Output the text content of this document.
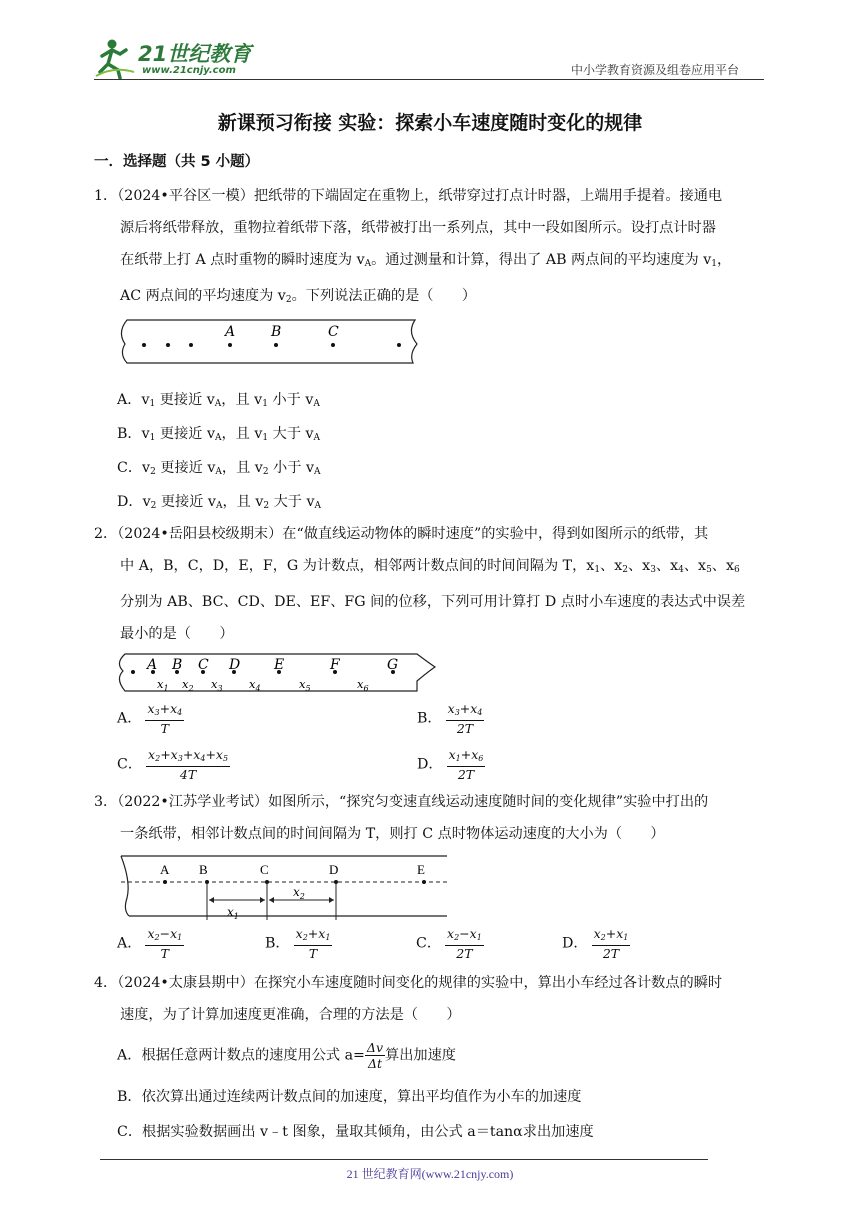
21世纪教育
www.21cnjy.com	中小学教育资源及组卷应用平台
新课预习衔接 实验：探索小车速度随时变化的规律
一．选择题（共 5 小题）
1．（2024•平谷区一模）把纸带的下端固定在重物上，纸带穿过打点计时器，上端用手提着。接通电
源后将纸带释放，重物拉着纸带下落，纸带被打出一系列点，其中一段如图所示。设打点计时器
在纸带上打 A 点时重物的瞬时速度为 $v_A$。通过测量和计算，得出了 AB 两点间的平均速度为 $v_1$，
AC 两点间的平均速度为 $v_2$。下列说法正确的是（　　）
A	B	C
A．$v_1$ 更接近 $v_A$，且 $v_1$ 小于 $v_A$
B．$v_1$ 更接近 $v_A$，且 $v_1$ 大于 $v_A$
C．$v_2$ 更接近 $v_A$，且 $v_2$ 小于 $v_A$
D．$v_2$ 更接近 $v_A$，且 $v_2$ 大于 $v_A$
2．（2024•岳阳县校级期末）在“做直线运动物体的瞬时速度”的实验中，得到如图所示的纸带，其
中 A，B，C，D，E，F，G 为计数点，相邻两计数点间的时间间隔为 T，$x_1$、$x_2$、$x_3$、$x_4$、$x_5$、$x_6$
分别为 AB、BC、CD、DE、EF、FG 间的位移，下列可用计算打 D 点时小车速度的表达式中误差
最小的是（　　）
A B C D E	F	G
$x_1$ $x_2$ $x_3$ $x_4$	$x_5$	$x_6$
A． $\frac{x_3+x_4}{T}$	B． $\frac{x_3+x_4}{2T}$
C． $\frac{x_2+x_3+x_4+x_5}{4T}$	D． $\frac{x_1+x_6}{2T}$
3．（2022•江苏学业考试）如图所示，“探究匀变速直线运动速度随时间的变化规律”实验中打出的
一条纸带，相邻计数点间的时间间隔为 T，则打 C 点时物体运动速度的大小为（　　）
A B	C	D	E
$x_1$
$x_2$
A． $\frac{x_2-x_1}{T}$	B． $\frac{x_2+x_1}{T}$	C． $\frac{x_2-x_1}{2T}$	D． $\frac{x_2+x_1}{2T}$
4．（2024•太康县期中）在探究小车速度随时间变化的规律的实验中，算出小车经过各计数点的瞬时
速度，为了计算加速度更准确，合理的方法是（　　）
A．根据任意两计数点的速度用公式 $a= \frac{\Delta v}{\Delta t}$ 算出加速度
B．依次算出通过连续两计数点间的加速度，算出平均值作为小车的加速度
C．根据实验数据画出 v﹣t 图象，量取其倾角，由公式 a＝tanα求出加速度
21 世纪教育网(www.21cnjy.com)
